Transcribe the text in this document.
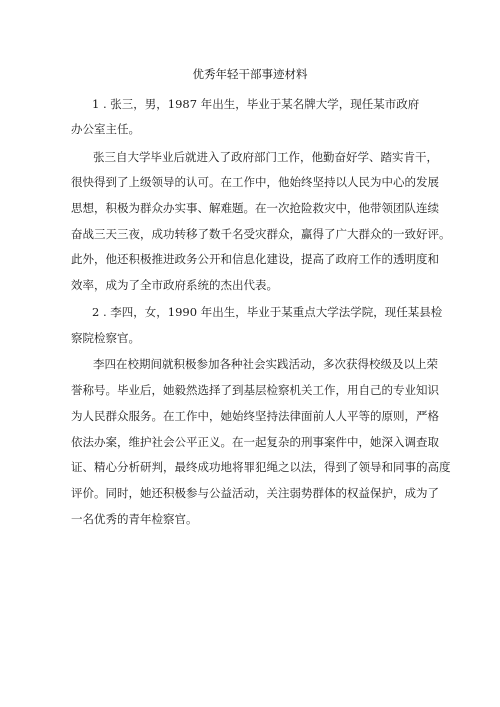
优秀年轻干部事迹材料
1 . 张三，男，1987 年出生，毕业于某名牌大学，现任某市政府
办公室主任。
张三自大学毕业后就进入了政府部门工作，他勤奋好学、踏实肯干，
很快得到了上级领导的认可。在工作中，他始终坚持以人民为中心的发展
思想，积极为群众办实事、解难题。在一次抢险救灾中，他带领团队连续
奋战三天三夜，成功转移了数千名受灾群众，赢得了广大群众的一致好评。
此外，他还积极推进政务公开和信息化建设，提高了政府工作的透明度和
效率，成为了全市政府系统的杰出代表。
2 . 李四，女，1990 年出生，毕业于某重点大学法学院，现任某县检
察院检察官。
李四在校期间就积极参加各种社会实践活动，多次获得校级及以上荣
誉称号。毕业后，她毅然选择了到基层检察机关工作，用自己的专业知识
为人民群众服务。在工作中，她始终坚持法律面前人人平等的原则，严格
依法办案，维护社会公平正义。在一起复杂的刑事案件中，她深入调查取
证、精心分析研判，最终成功地将罪犯绳之以法，得到了领导和同事的高度
评价。同时，她还积极参与公益活动，关注弱势群体的权益保护，成为了
一名优秀的青年检察官。
